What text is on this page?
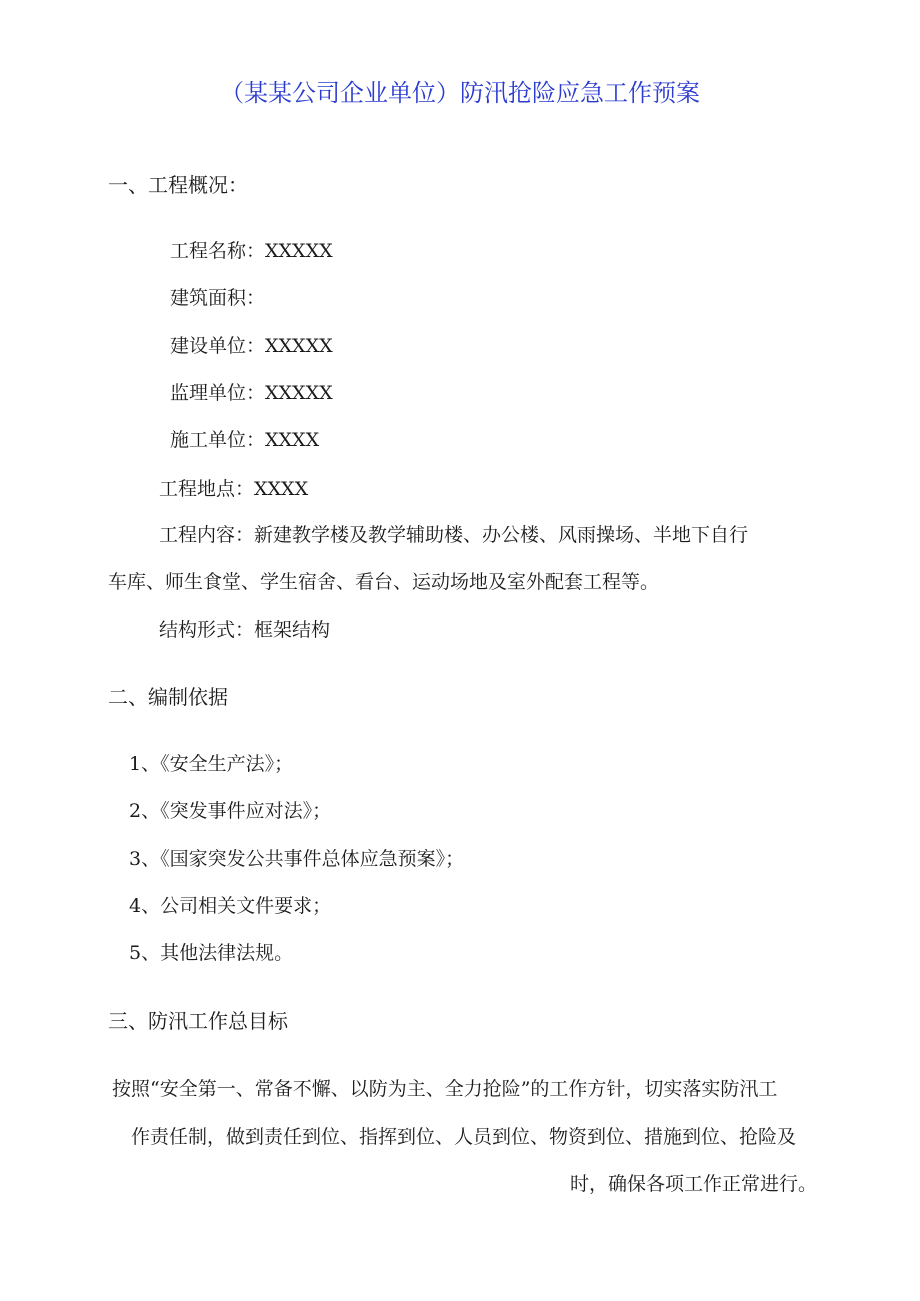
（某某公司企业单位）防汛抢险应急工作预案
一、工程概况：
工程名称：XXXXX
建筑面积：
建设单位：XXXXX
监理单位：XXXXX
施工单位：XXXX
工程地点：XXXX
工程内容：新建教学楼及教学辅助楼、办公楼、风雨操场、半地下自行
车库、师生食堂、学生宿舍、看台、运动场地及室外配套工程等。
结构形式：框架结构
二、编制依据
1、《安全生产法》；
2、《突发事件应对法》；
3、《国家突发公共事件总体应急预案》；
4、公司相关文件要求；
5、其他法律法规。
三、防汛工作总目标
按照“安全第一、常备不懈、以防为主、全力抢险”的工作方针，切实落实防汛工
作责任制，做到责任到位、指挥到位、人员到位、物资到位、措施到位、抢险及
时，确保各项工作正常进行。
